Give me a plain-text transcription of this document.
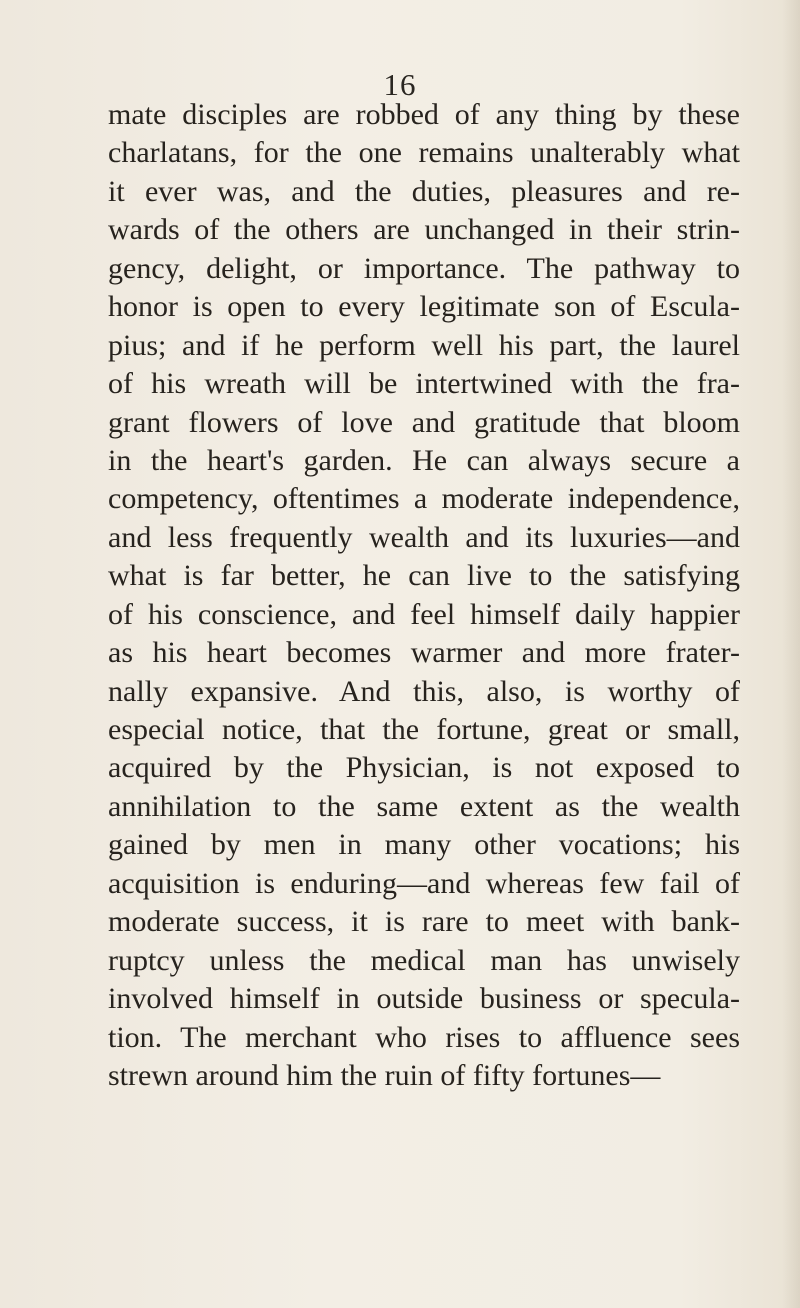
16
mate disciples are robbed of any thing by these
charlatans, for the one remains unalterably what
it ever was, and the duties, pleasures and re-
wards of the others are unchanged in their strin-
gency, delight, or importance. The pathway to
honor is open to every legitimate son of Escula-
pius; and if he perform well his part, the laurel
of his wreath will be intertwined with the fra-
grant flowers of love and gratitude that bloom
in the heart's garden. He can always secure a
competency, oftentimes a moderate independence,
and less frequently wealth and its luxuries—and
what is far better, he can live to the satisfying
of his conscience, and feel himself daily happier
as his heart becomes warmer and more frater-
nally expansive. And this, also, is worthy of
especial notice, that the fortune, great or small,
acquired by the Physician, is not exposed to
annihilation to the same extent as the wealth
gained by men in many other vocations; his
acquisition is enduring—and whereas few fail of
moderate success, it is rare to meet with bank-
ruptcy unless the medical man has unwisely
involved himself in outside business or specula-
tion. The merchant who rises to affluence sees
strewn around him the ruin of fifty fortunes—
